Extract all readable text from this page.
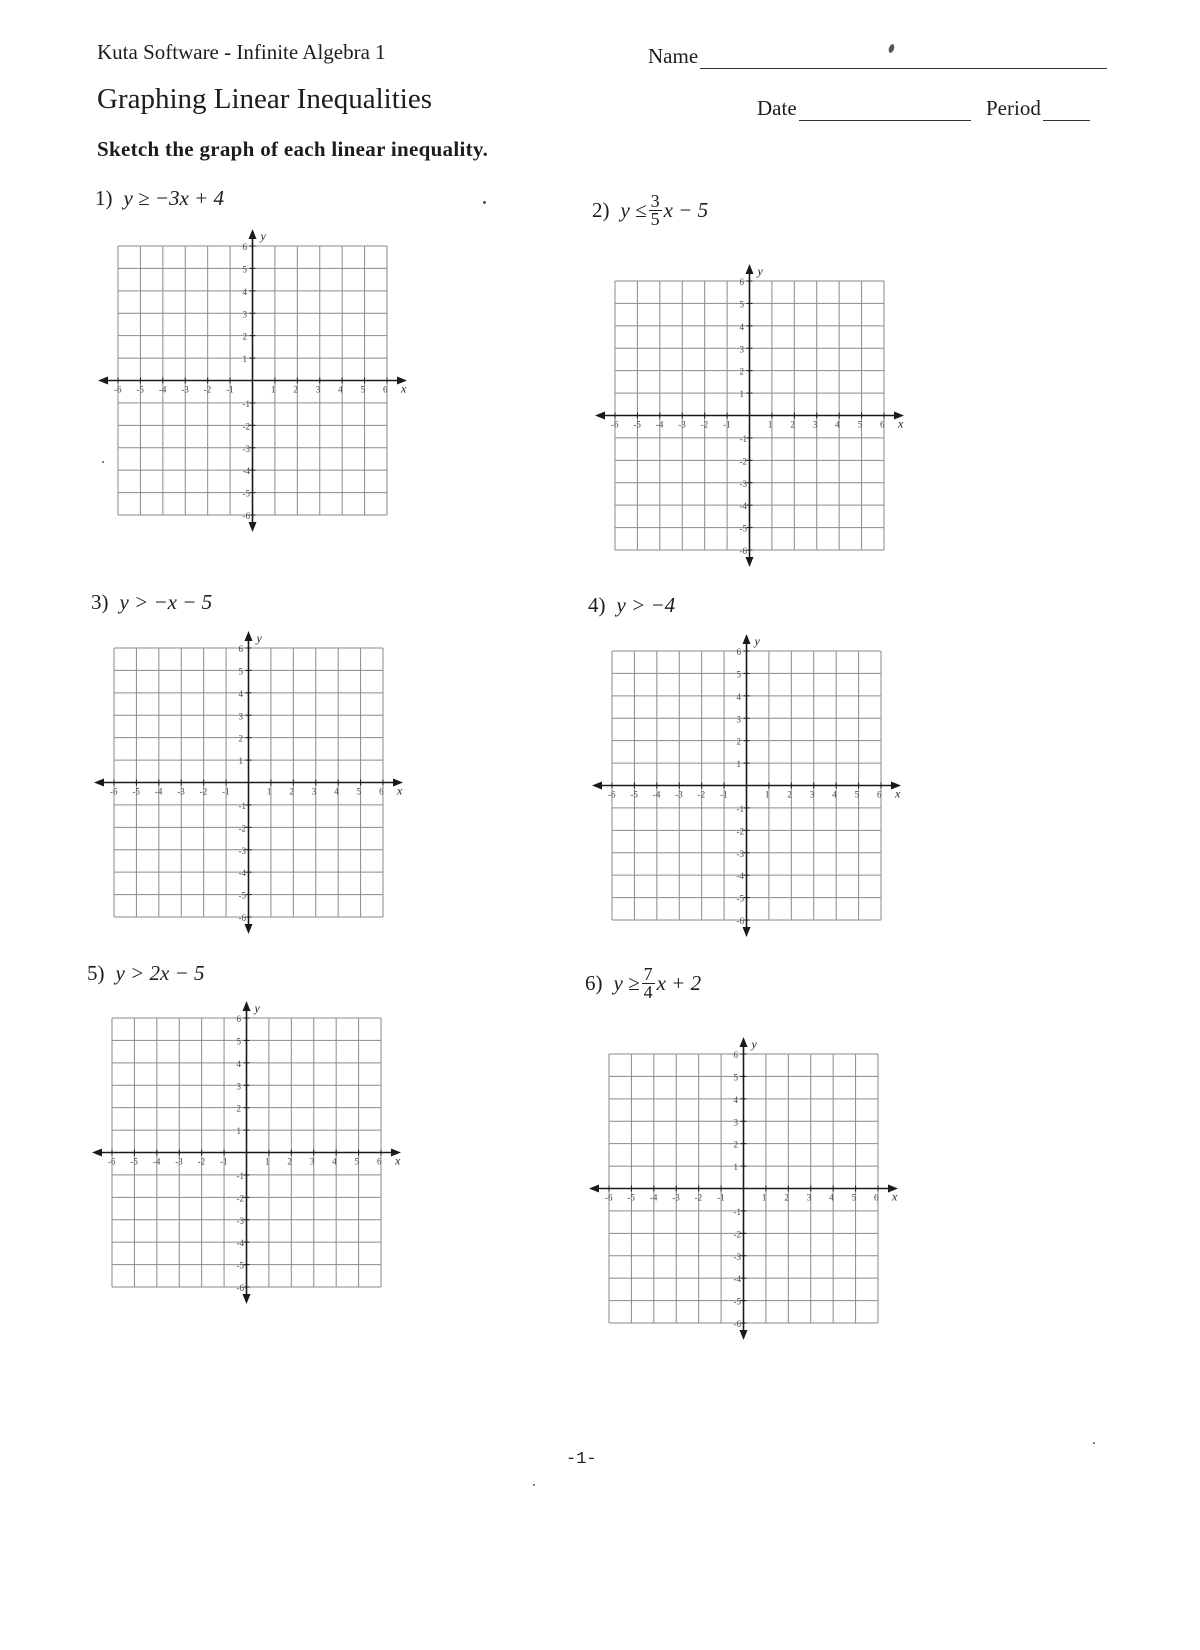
Kuta Software - Infinite Algebra 1
Graphing Linear Inequalities
Name
Date	Period
Sketch the graph of each linear inequality.
1) y ≥ −3x + 4	2) $y \le \frac{3}{5}$ x − 5
3) y > −x − 5	4) y > −4
5) y > 2x − 5	6) $y \ge \frac{7}{4}$ x + 2
x
y
-6
-6
-5
-5
-4
-4
-3
-3
-2
-2
-1
-1
1
1
2
2
3
3
4
4
5
5
6
6
x
y
-6
-6
-5
-5
-4
-4
-3
-3
-2
-2
-1
-1
1
1
2
2
3
3
4
4
5
5
6
6
x
y
-6
-6
-5
-5
-4
-4
-3
-3
-2
-2
-1
-1
1
1
2
2
3
3
4
4
5
5
6
6
x
y
-6
-6
-5
-5
-4
-4
-3
-3
-2
-2
-1
-1
1
1
2
2
3
3
4
4
5
5
6
6
x
y
-6
-6
-5
-5
-4
-4
-3
-3
-2
-2
-1
-1
1
1
2
2
3
3
4
4
5
5
6
6
x
y
-6
-6
-5
-5
-4
-4
-3
-3
-2
-2
-1
-1
1
1
2
2
3
3
4
4
5
5
6
6
-1-
